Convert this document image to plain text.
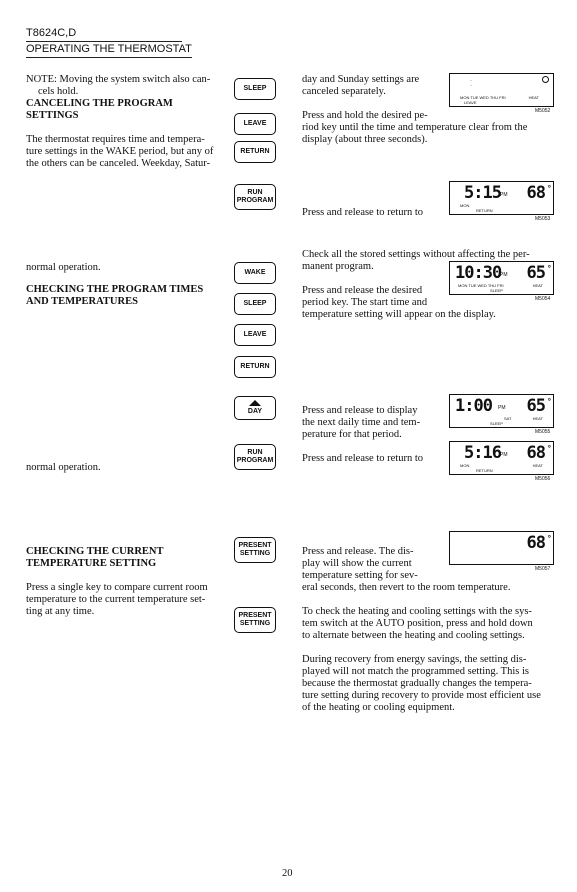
T8624C,D
OPERATING THE THERMOSTAT
NOTE: Moving the system switch also can-
cels hold.
CANCELING THE PROGRAM
SETTINGS
The thermostat requires time and tempera-
ture settings in the WAKE period, but any of
the others can be canceled. Weekday, Satur-
normal operation.
CHECKING THE PROGRAM TIMES
AND TEMPERATURES
normal operation.
CHECKING THE CURRENT
TEMPERATURE SETTING
Press a single key to compare current room
temperature to the current temperature set-
ting at any time.
SLEEP
LEAVE
RETURN
RUN
PROGRAM
WAKE
SLEEP
LEAVE
RETURN
DAY
RUN
PROGRAM
PRESENT
SETTING
PRESENT
SETTING
day and Sunday settings are
canceled separately.
Press and hold the desired pe-
riod key until the time and temperature clear from the
display (about three seconds).
Press and release to return to
Check all the stored settings without affecting the per-
manent program.
Press and release the desired
period key. The start time and
temperature setting will appear on the display.
Press and release to display
the next daily time and tem-
perature for that period.
Press and release to return to
Press and release. The dis-
play will show the current
temperature setting for sev-
eral seconds, then revert to the room temperature.
To check the heating and cooling settings with the sys-
tem switch at the AUTO position, press and hold down
to alternate between the heating and cooling settings.
During recovery from energy savings, the setting dis-
played will not match the programmed setting. This is
because the thermostat gradually changes the tempera-
ture setting during recovery to provide most efficient use
of the heating or cooling equipment.
·
·
MON TUE WED THU FRI	HEAT
LEAVE
M5052
5:15 PM 68 °
MON
RETURN
M5053
10:30
PM 65 °
MON TUE WED THU FRI	HEAT
SLEEP
M5054
1:00 PM 65 °
SAT	HEAT
SLEEP
M5055
5:16 PM 68 °
MON	HEAT
RETURN
M5056
68 °
M5057
20
